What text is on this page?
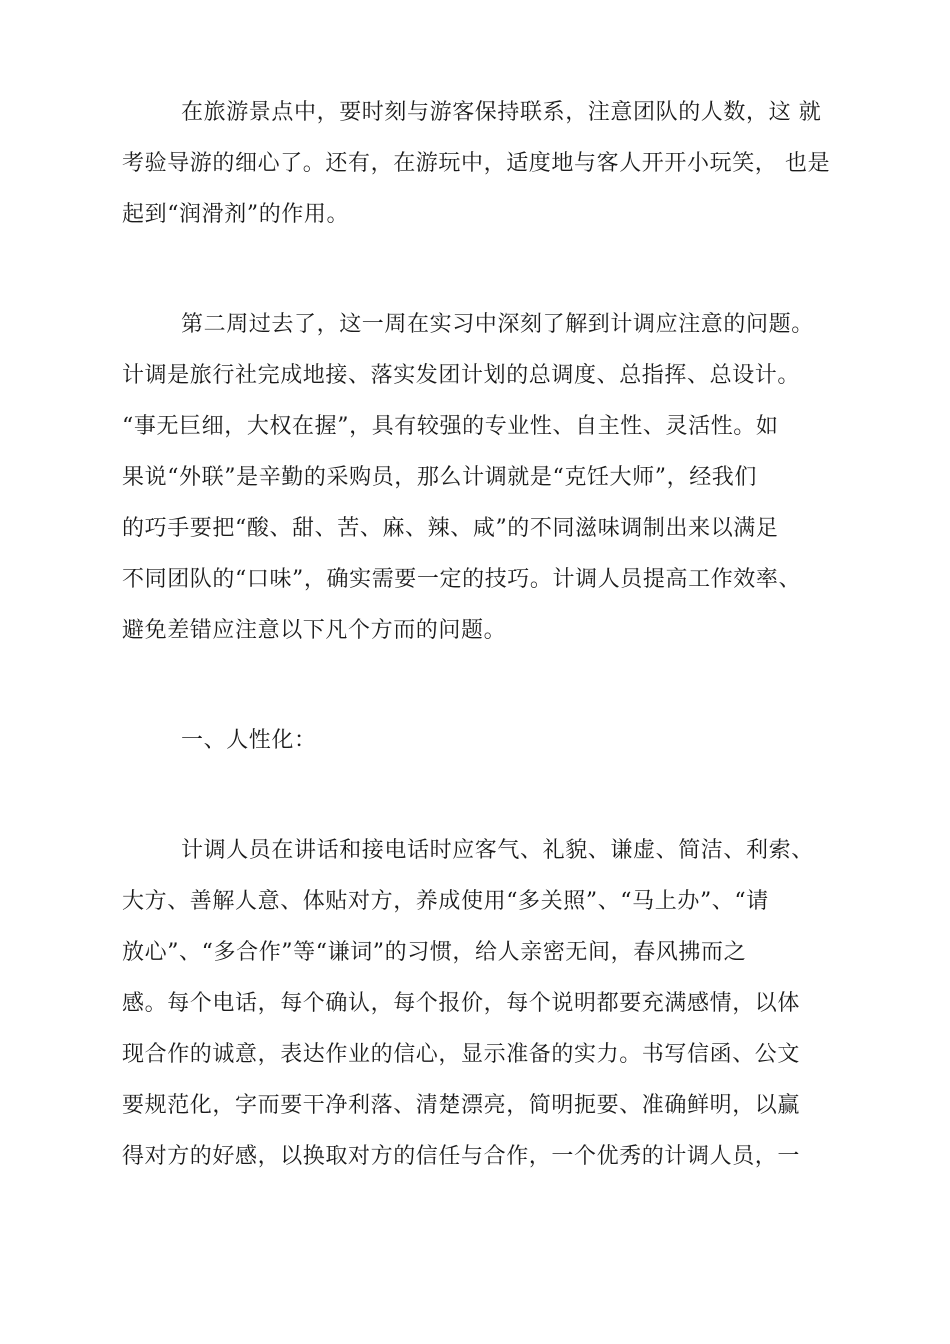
在旅游景点中，要时刻与游客保持联系，注意团队的人数，这 就
考验导游的细心了。还有，在游玩中，适度地与客人开开小玩笑， 也是
起到“润滑剂”的作用。
第二周过去了，这一周在实习中深刻了解到计调应注意的问题。
计调是旅行社完成地接、落实发团计划的总调度、总指挥、总设计。
“事无巨细，大权在握”，具有较强的专业性、自主性、灵活性。如
果说“外联”是辛勤的采购员，那么计调就是“克饪大师”，经我们
的巧手要把“酸、甜、苦、麻、辣、咸”的不同滋味调制出来以满足
不同团队的“口味”，确实需要一定的技巧。计调人员提高工作效率、
避免差错应注意以下凡个方而的问题。
一、人性化：
计调人员在讲话和接电话时应客气、礼貌、谦虚、简洁、利索、
大方、善解人意、体贴对方，养成使用“多关照”、“马上办”、“请
放心”、“多合作”等“谦词”的习惯，给人亲密无间，春风拂而之
感。每个电话，每个确认，每个报价，每个说明都要充满感情，以体
现合作的诚意，表达作业的信心，显示准备的实力。书写信函、公文
要规范化，字而要干净利落、清楚漂亮，简明扼要、准确鲜明，以赢
得对方的好感，以换取对方的信任与合作，一个优秀的计调人员，一
